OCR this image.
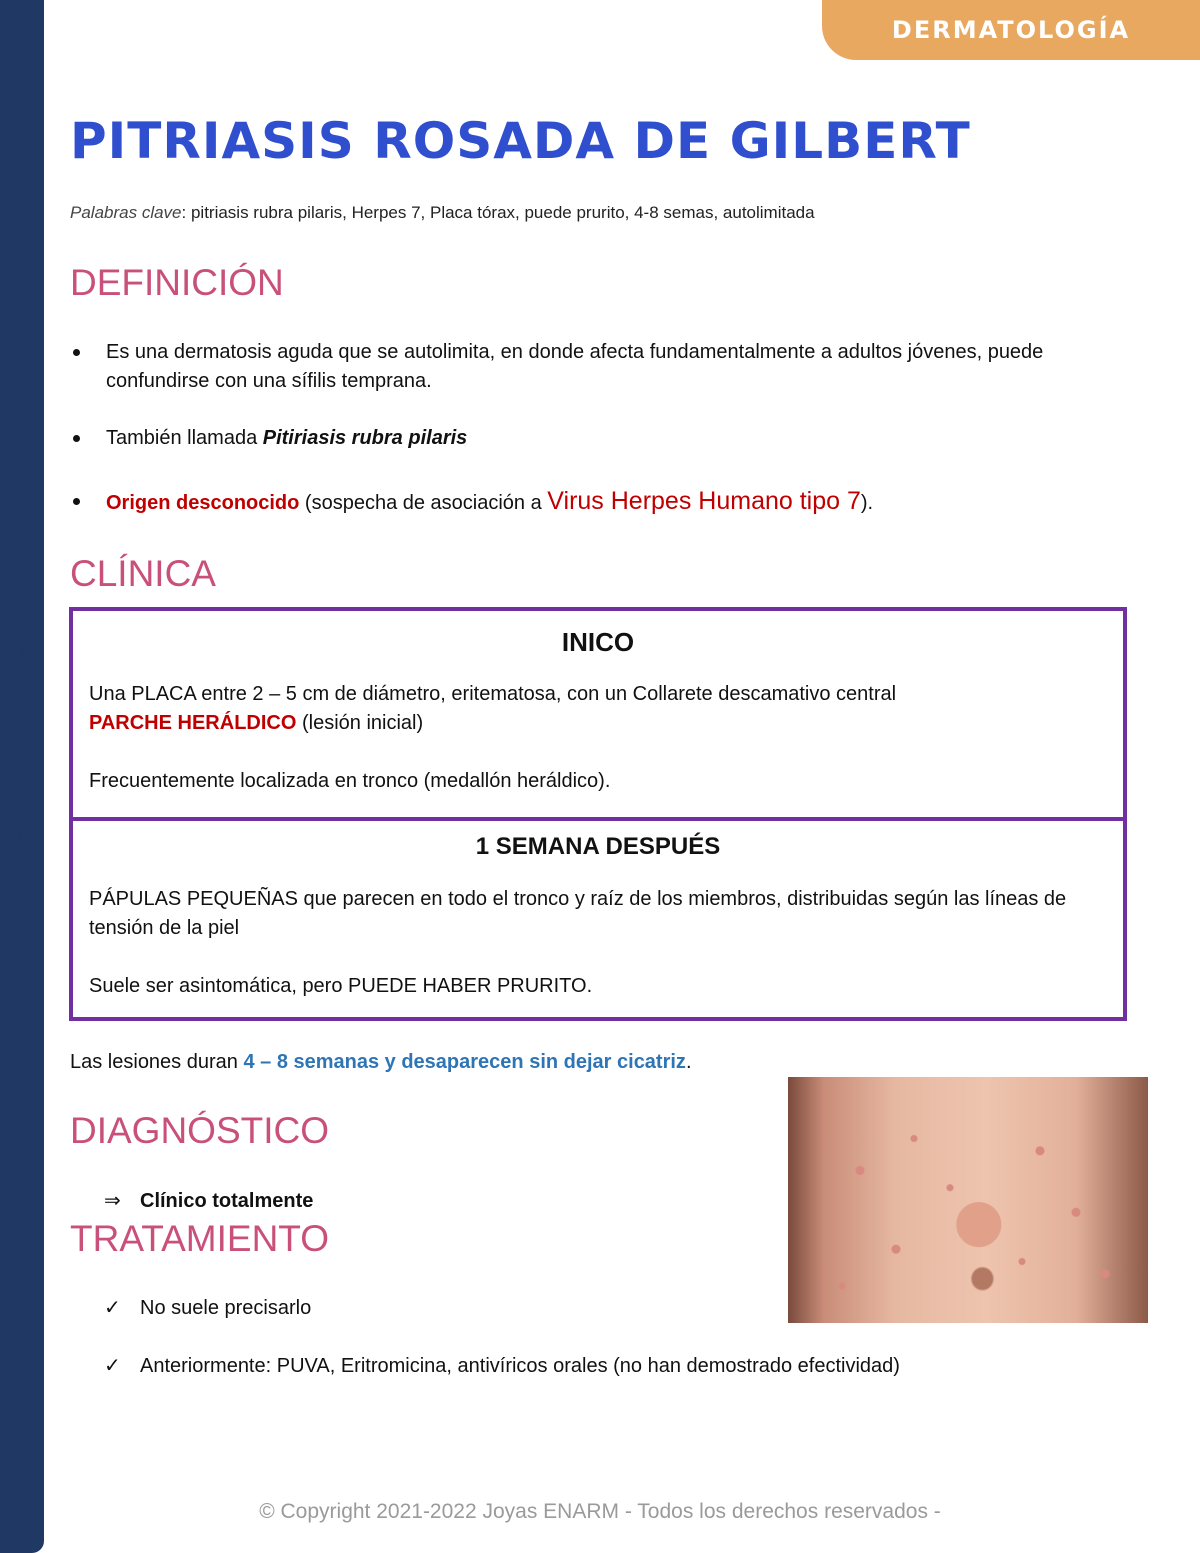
J
O
Y
A
S
E
N
A
R
M
DERMATOLOGÍA
PITRIASIS ROSADA DE GILBERT
Palabras clave: pitriasis rubra pilaris, Herpes 7, Placa tórax, puede prurito, 4-8 semas, autolimitada
DEFINICIÓN
Es una dermatosis aguda que se autolimita, en donde afecta fundamentalmente a adultos jóvenes, puede confundirse con una sífilis temprana.
También llamada Pitiriasis rubra pilaris
Origen desconocido (sospecha de asociación a Virus Herpes Humano tipo 7).
CLÍNICA
INICO

Una PLACA entre 2 – 5 cm de diámetro, eritematosa, con un Collarete descamativo central
PARCHE HERÁLDICO (lesión inicial)

Frecuentemente localizada en tronco (medallón heráldico).

1 SEMANA DESPUÉS

PÁPULAS PEQUEÑAS que parecen en todo el tronco y raíz de los miembros, distribuidas según las líneas de tensión de la piel

Suele ser asintomática, pero PUEDE HABER PRURITO.

Las lesiones duran 4 – 8 semanas y desaparecen sin dejar cicatriz.
DIAGNÓSTICO
⇒ Clínico totalmente
TRATAMIENTO
✓ No suele precisarlo
✓ Anteriormente: PUVA, Eritromicina, antivíricos orales (no han demostrado efectividad)
© Copyright 2021-2022 Joyas ENARM - Todos los derechos reservados -
